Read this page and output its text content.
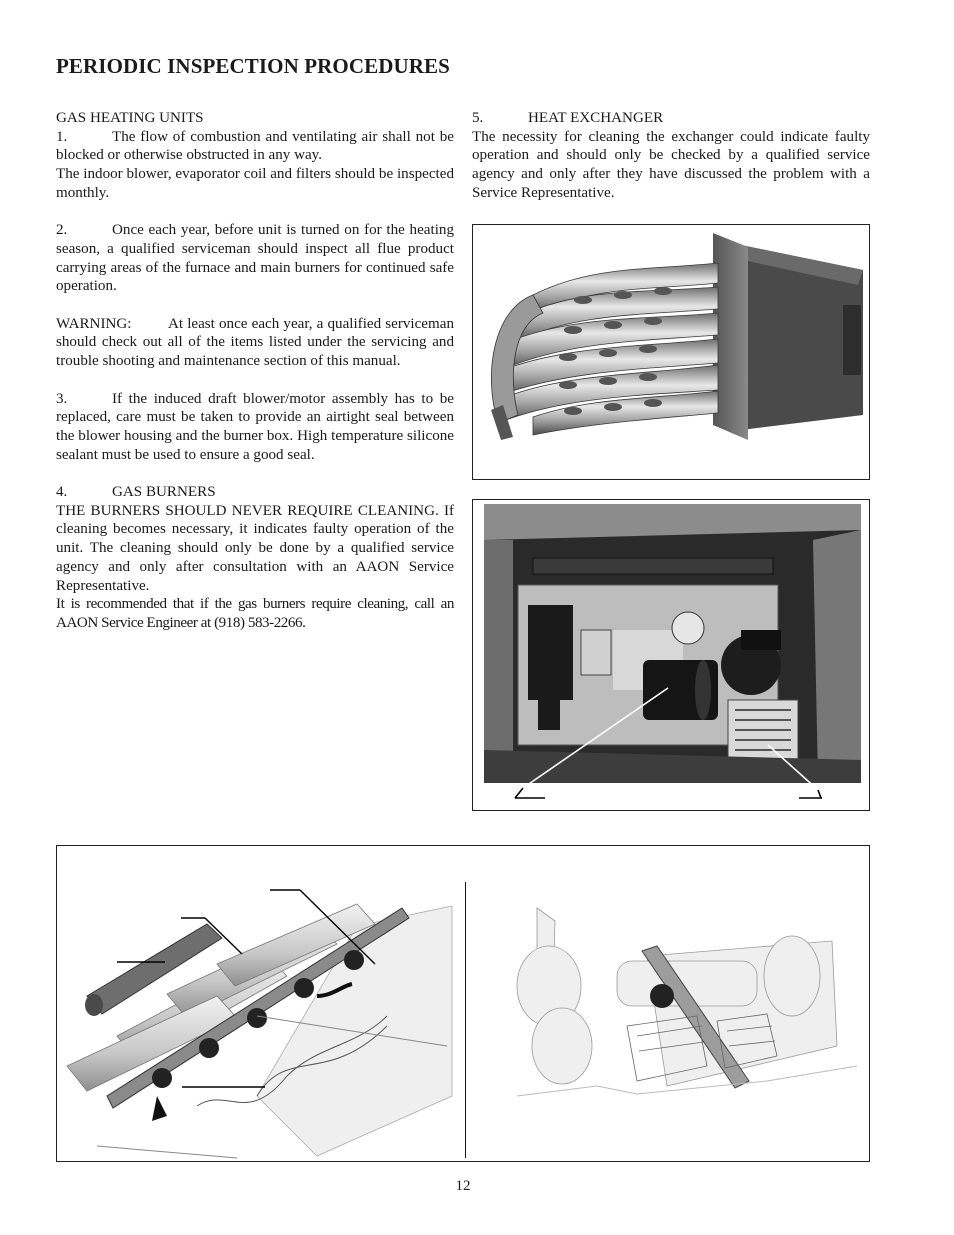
PERIODIC INSPECTION PROCEDURES

GAS HEATING UNITS

1.	The flow of combustion and ventilating air shall not be blocked or otherwise obstructed in any way.

The indoor blower, evaporator coil and filters should be inspected monthly.

2.	Once each year, before unit is turned on for the heating season, a qualified serviceman should inspect all flue product carrying areas of the furnace and main burners for continued safe operation.

WARNING: At least once each year, a qualified serviceman should check out all of the items listed under the servicing and trouble shooting and maintenance section of this manual.

3.	If the induced draft blower/motor assembly has to be replaced, care must be taken to provide an airtight seal between the blower housing and the burner box. High temperature silicone sealant must be used to ensure a good seal.

4.	GAS BURNERS

THE BURNERS SHOULD NEVER REQUIRE CLEANING. If cleaning becomes necessary, it indicates faulty operation of the unit. The cleaning should only be done by a qualified service agency and only after consultation with an AAON Service Representative.

It is recommended that if the gas burners require cleaning, call an AAON Service Engineer at (918) 583-2266.

5.	HEAT EXCHANGER

The necessity for cleaning the exchanger could indicate faulty operation and should only be checked by a qualified service agency and only after they have discussed the problem with a Service Representative.

12
